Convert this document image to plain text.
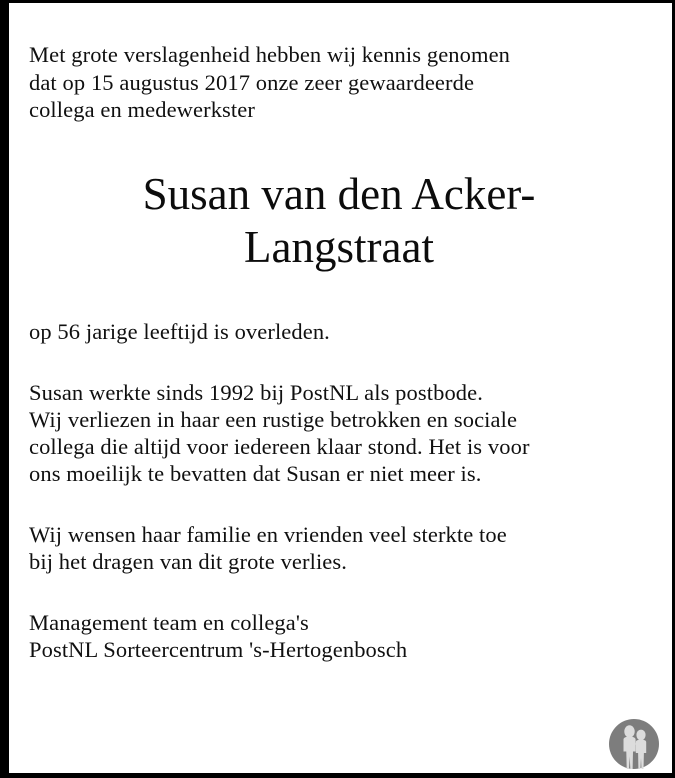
Met grote verslagenheid hebben wij kennis genomen
dat op 15 augustus 2017 onze zeer gewaardeerde
collega en medewerkster
Susan van den Acker-
Langstraat
op 56 jarige leeftijd is overleden.
Susan werkte sinds 1992 bij PostNL als postbode.
Wij verliezen in haar een rustige betrokken en sociale
collega die altijd voor iedereen klaar stond. Het is voor
ons moeilijk te bevatten dat Susan er niet meer is.
Wij wensen haar familie en vrienden veel sterkte toe
bij het dragen van dit grote verlies.
Management team en collega's
PostNL Sorteercentrum 's-Hertogenbosch
